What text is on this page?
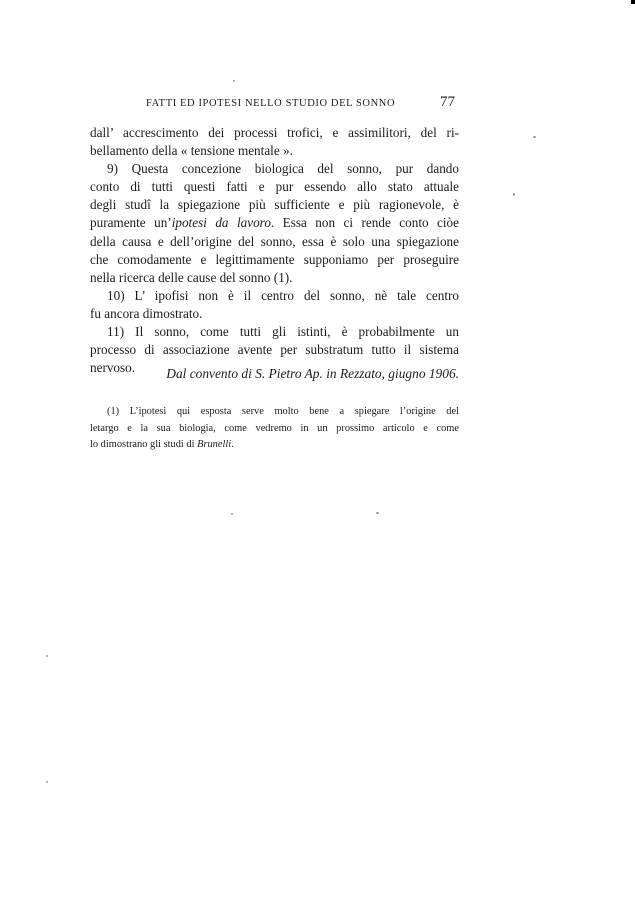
FATTI ED IPOTESI NELLO STUDIO DEL SONNO	77
dall’ accrescimento dei processi trofici, e assimilitori, del ri-
bellamento della « tensione mentale ».
9) Questa concezione biologica del sonno, pur dando
conto di tutti questi fatti e pur essendo allo stato attuale
degli studî la spiegazione più sufficiente e più ragionevole, è
puramente un’ipotesi da lavoro. Essa non ci rende conto ciòe
della causa e dell’origine del sonno, essa è solo una spiegazione
che comodamente e legittimamente supponiamo per proseguire
nella ricerca delle cause del sonno (1).
10) L’ ipofisi non è il centro del sonno, nè tale centro
fu ancora dimostrato.
11) Il sonno, come tutti gli istinti, è probabilmente un
processo di associazione avente per substratum tutto il sistema
nervoso.	Dal convento di S. Pietro Ap. in Rezzato, giugno 1906.
(1) L’ipotesi qui esposta serve molto bene a spiegare l’origine del
letargo e la sua biologia, come vedremo in un prossimo articolo e come
lo dimostrano gli studi di Brunelli.
